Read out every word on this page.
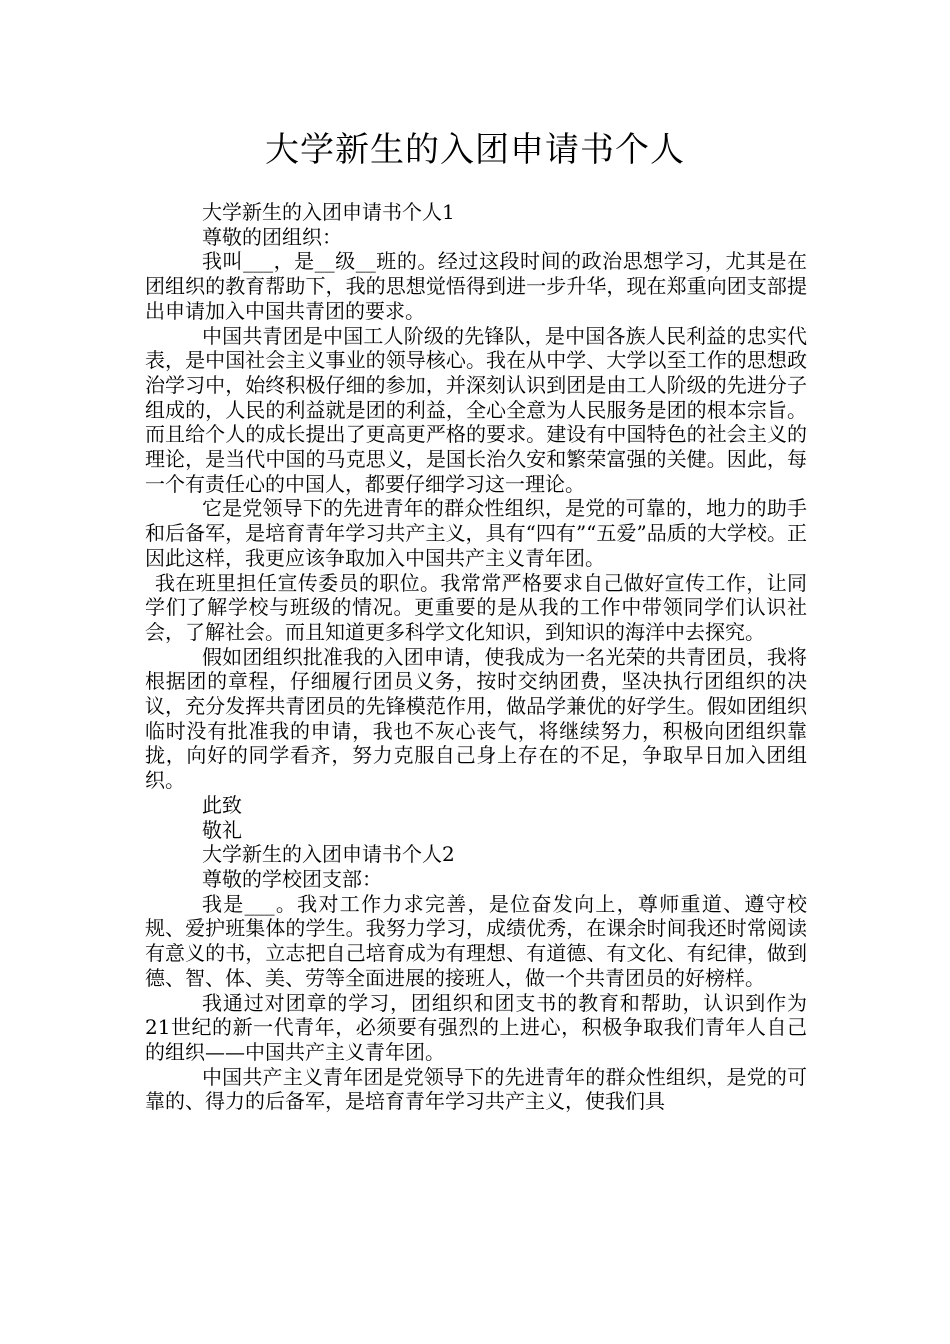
大学新生的入团申请书个人

大学新生的入团申请书个人1

尊敬的团组织：

我叫___，是__级__班的。经过这段时间的政治思想学习，尤其是在团组织的教育帮助下，我的思想觉悟得到进一步升华，现在郑重向团支部提出申请加入中国共青团的要求。

中国共青团是中国工人阶级的先锋队，是中国各族人民利益的忠实代表，是中国社会主义事业的领导核心。我在从中学、大学以至工作的思想政治学习中，始终积极仔细的参加，并深刻认识到团是由工人阶级的先进分子组成的，人民的利益就是团的利益，全心全意为人民服务是团的根本宗旨。而且给个人的成长提出了更高更严格的要求。建设有中国特色的社会主义的理论，是当代中国的马克思义，是国长治久安和繁荣富强的关健。因此，每一个有责任心的中国人，都要仔细学习这一理论。

它是党领导下的先进青年的群众性组织，是党的可靠的，地力的助手和后备军，是培育青年学习共产主义，具有“四有”“五爱”品质的大学校。正因此这样，我更应该争取加入中国共产主义青年团。

我在班里担任宣传委员的职位。我常常严格要求自己做好宣传工作，让同学们了解学校与班级的情况。更重要的是从我的工作中带领同学们认识社会，了解社会。而且知道更多科学文化知识，到知识的海洋中去探究。

假如团组织批准我的入团申请，使我成为一名光荣的共青团员，我将根据团的章程，仔细履行团员义务，按时交纳团费，坚决执行团组织的决议，充分发挥共青团员的先锋模范作用，做品学兼优的好学生。假如团组织临时没有批准我的申请，我也不灰心丧气，将继续努力，积极向团组织靠拢，向好的同学看齐，努力克服自己身上存在的不足，争取早日加入团组织。

此致

敬礼

大学新生的入团申请书个人2

尊敬的学校团支部：

我是___。我对工作力求完善，是位奋发向上，尊师重道、遵守校规、爱护班集体的学生。我努力学习，成绩优秀，在课余时间我还时常阅读有意义的书，立志把自己培育成为有理想、有道德、有文化、有纪律，做到德、智、体、美、劳等全面进展的接班人，做一个共青团员的好榜样。

我通过对团章的学习，团组织和团支书的教育和帮助，认识到作为21世纪的新一代青年，必须要有强烈的上进心，积极争取我们青年人自己的组织——中国共产主义青年团。

中国共产主义青年团是党领导下的先进青年的群众性组织，是党的可靠的、得力的后备军，是培育青年学习共产主义，使我们具
